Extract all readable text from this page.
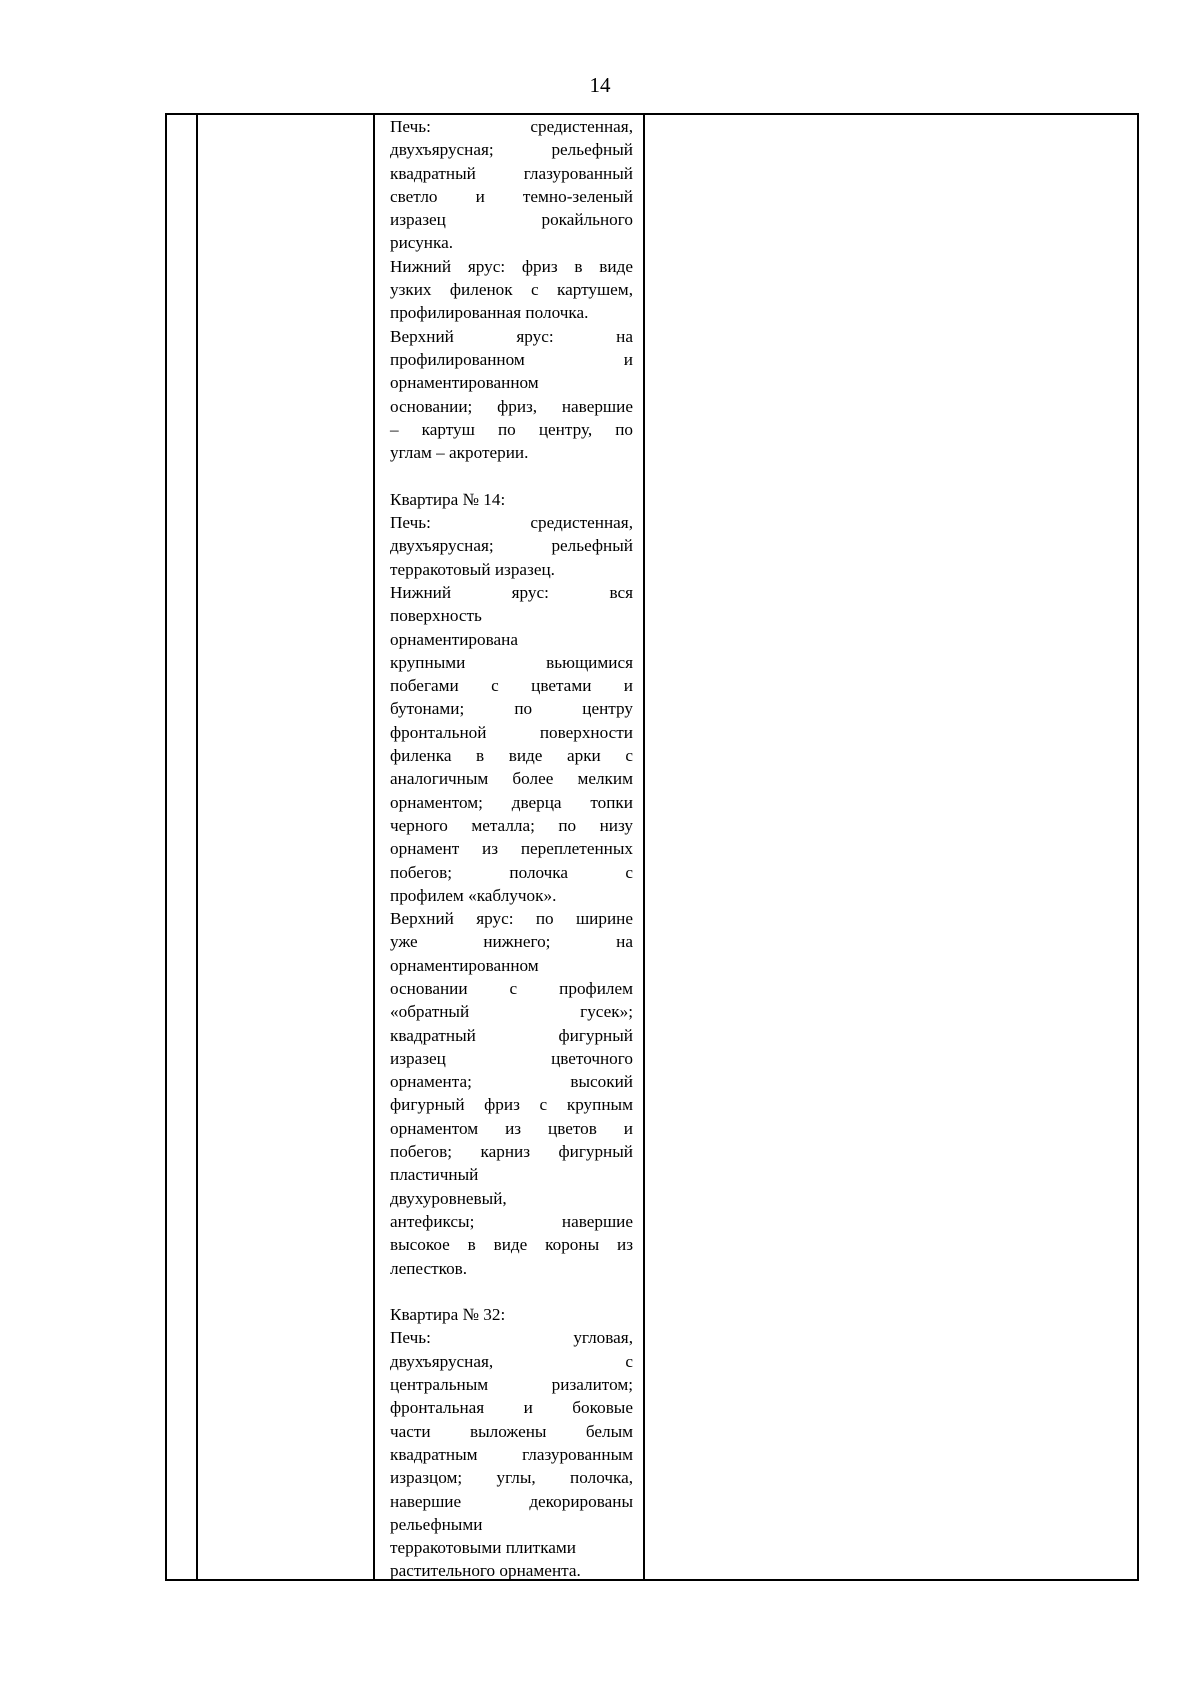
14
Печь:	средистенная,
двухъярусная;	рельефный
квадратный	глазурованный
светло и темно-зеленый
изразец	рокайльного
рисунка.
Нижний ярус: фриз в виде
узких филенок с картушем,
профилированная полочка.
Верхний	ярус:	на
профилированном	и
орнаментированном
основании; фриз, навершие
– картуш по центру, по
углам – акротерии.
Квартира № 14:
Печь:	средистенная,
двухъярусная;	рельефный
терракотовый изразец.
Нижний	ярус:	вся
поверхность
орнаментирована
крупными	вьющимися
побегами с цветами и
бутонами;	по	центру
фронтальной	поверхности
филенка в виде арки с
аналогичным более мелким
орнаментом; дверца топки
черного металла; по низу
орнамент из переплетенных
побегов;	полочка	с
профилем «каблучок».
Верхний ярус: по ширине
уже	нижнего;	на
орнаментированном
основании с профилем
«обратный	гусек»;
квадратный	фигурный
изразец	цветочного
орнамента;	высокий
фигурный фриз с крупным
орнаментом из цветов и
побегов; карниз фигурный
пластичный
двухуровневый,
антефиксы;	навершие
высокое в виде короны из
лепестков.
Квартира № 32:
Печь:	угловая,
двухъярусная,	с
центральным	ризалитом;
фронтальная и боковые
части выложены белым
квадратным	глазурованным
изразцом; углы, полочка,
навершие	декорированы
рельефными
терракотовыми плитками
растительного орнамента.
